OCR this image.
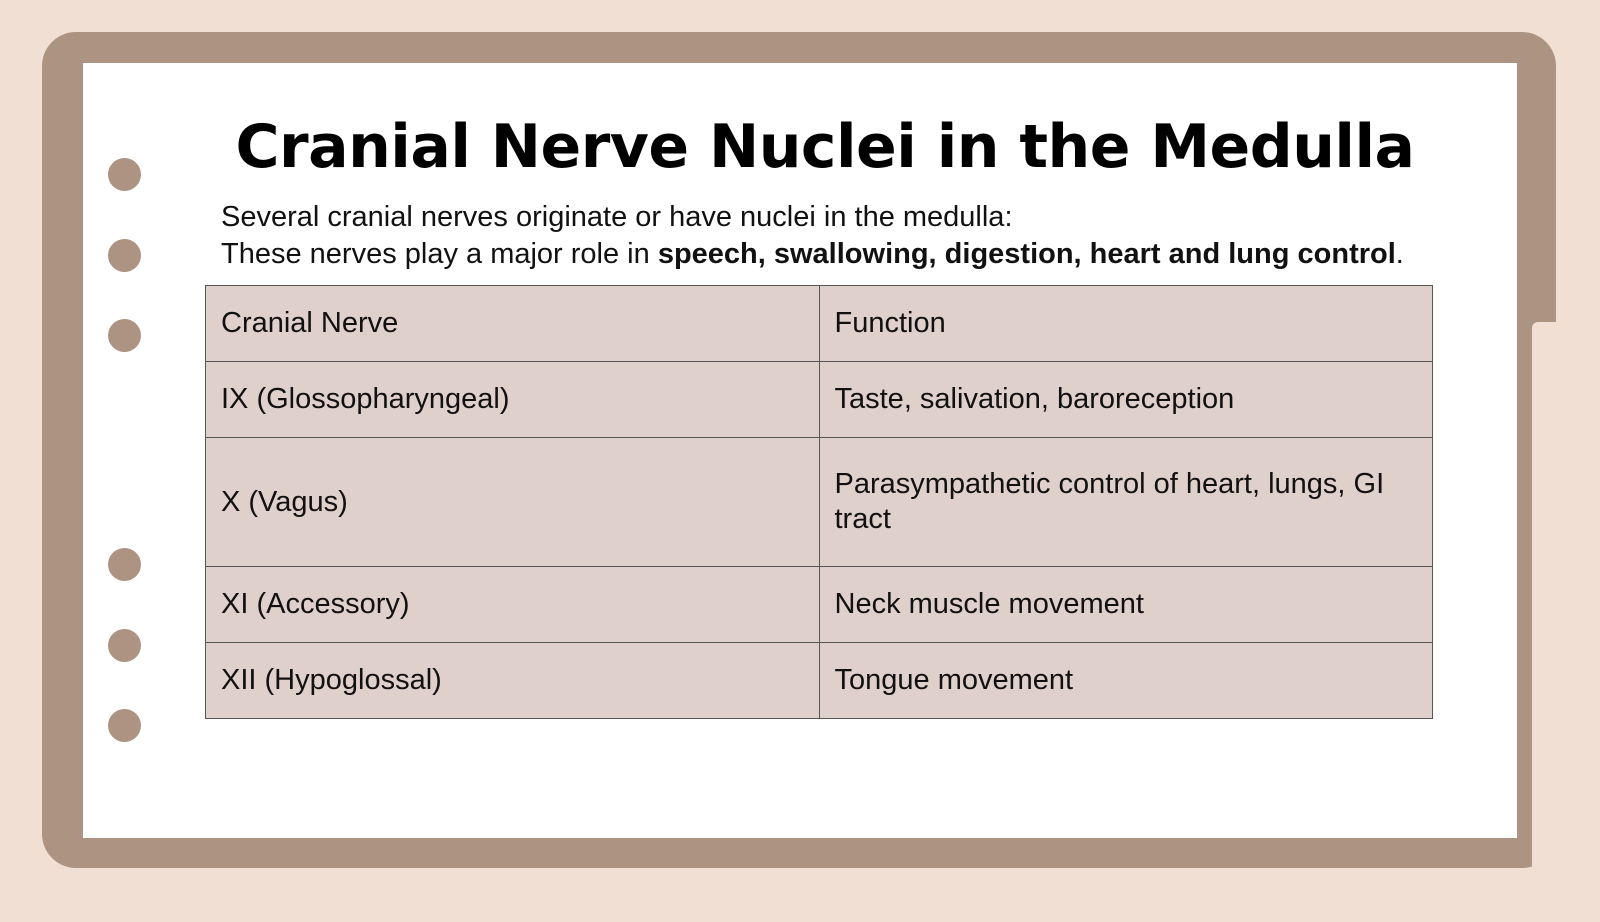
Cranial Nerve Nuclei in the Medulla

Several cranial nerves originate or have nuclei in the medulla:

These nerves play a major role in speech, swallowing, digestion, heart and lung control.

Cranial Nerve	Function
IX (Glossopharyngeal)	Taste, salivation, baroreception
X (Vagus)	Parasympathetic control of heart, lungs, GI tract
XI (Accessory)	Neck muscle movement
XII (Hypoglossal)	Tongue movement
